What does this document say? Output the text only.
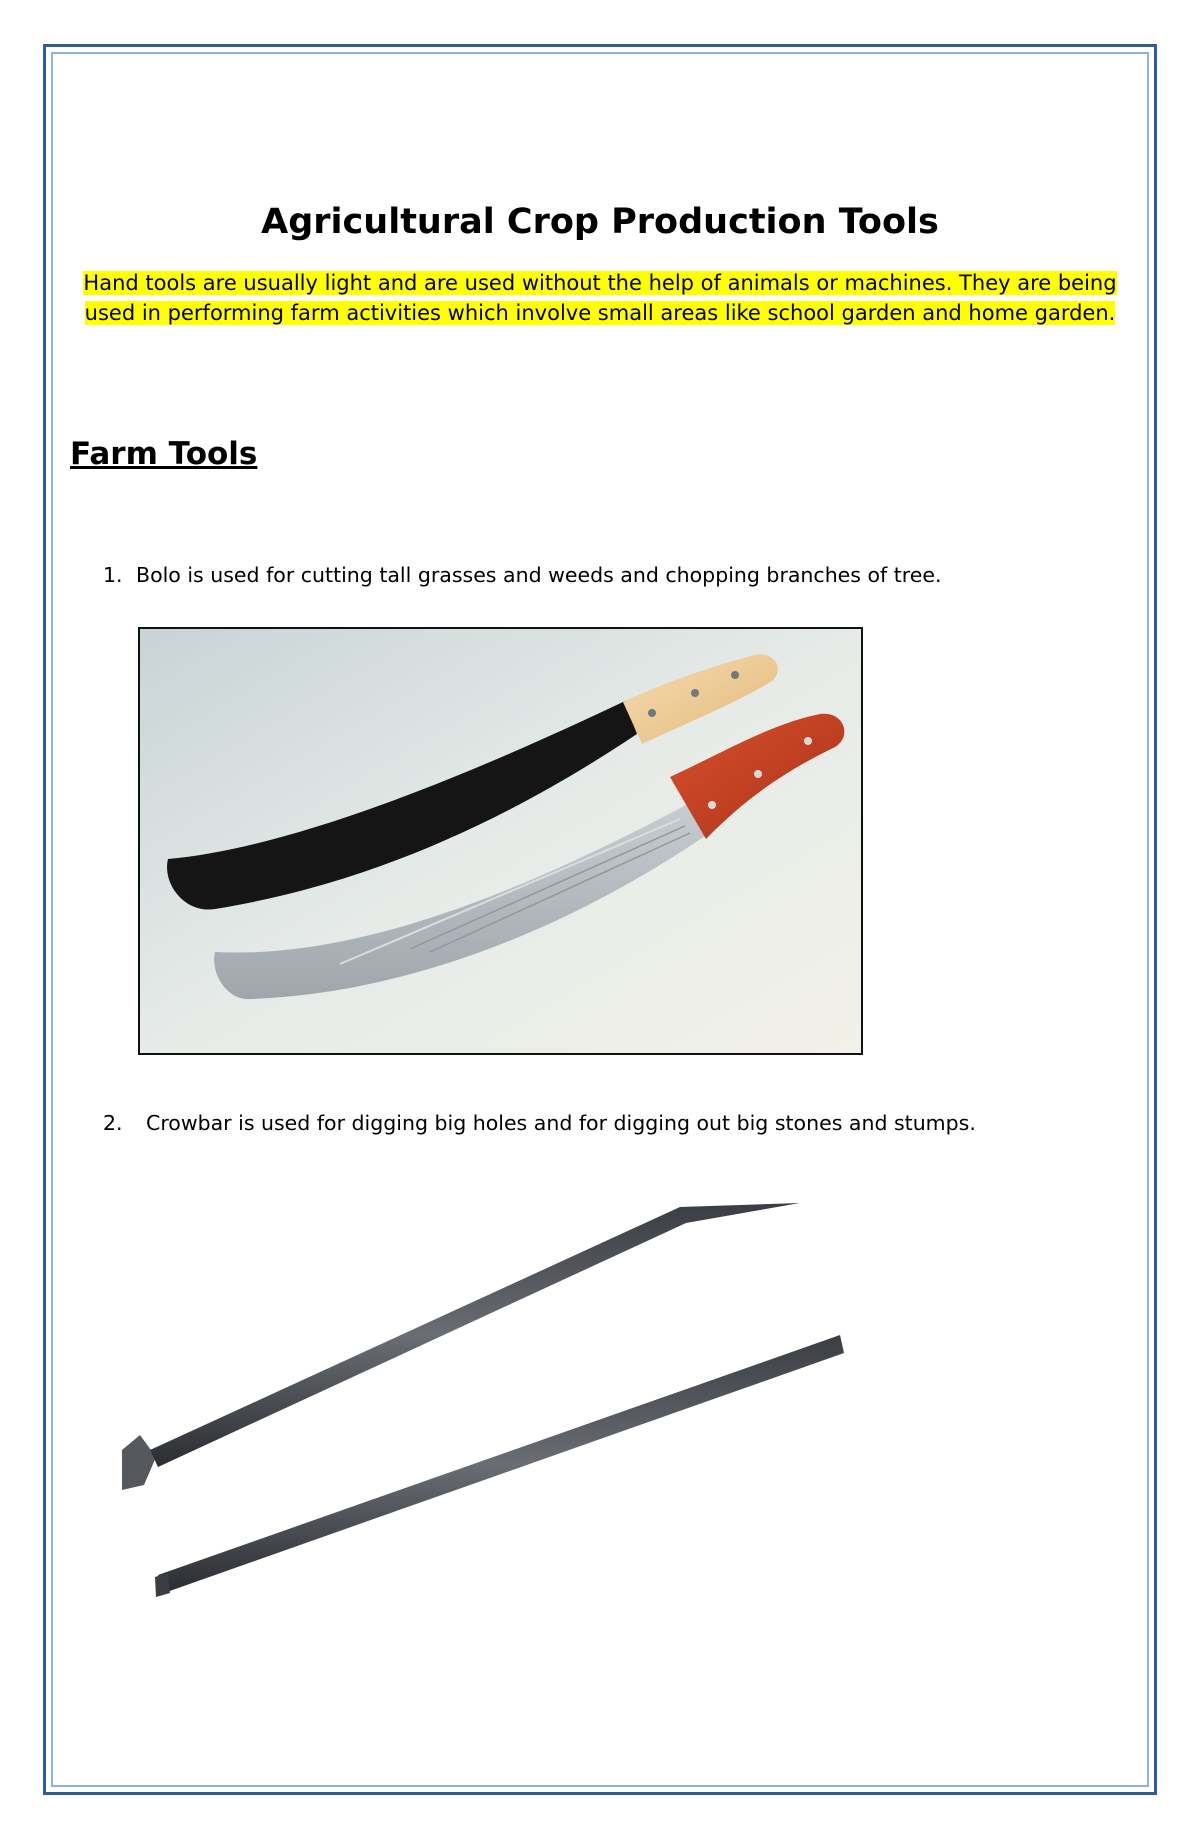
Agricultural Crop Production Tools

Hand tools are usually light and are used without the help of animals or machines. They are being used in performing farm activities which involve small areas like school garden and home garden.

Farm Tools

1. Bolo is used for cutting tall grasses and weeds and chopping branches of tree.

2. Crowbar is used for digging big holes and for digging out big stones and stumps.
